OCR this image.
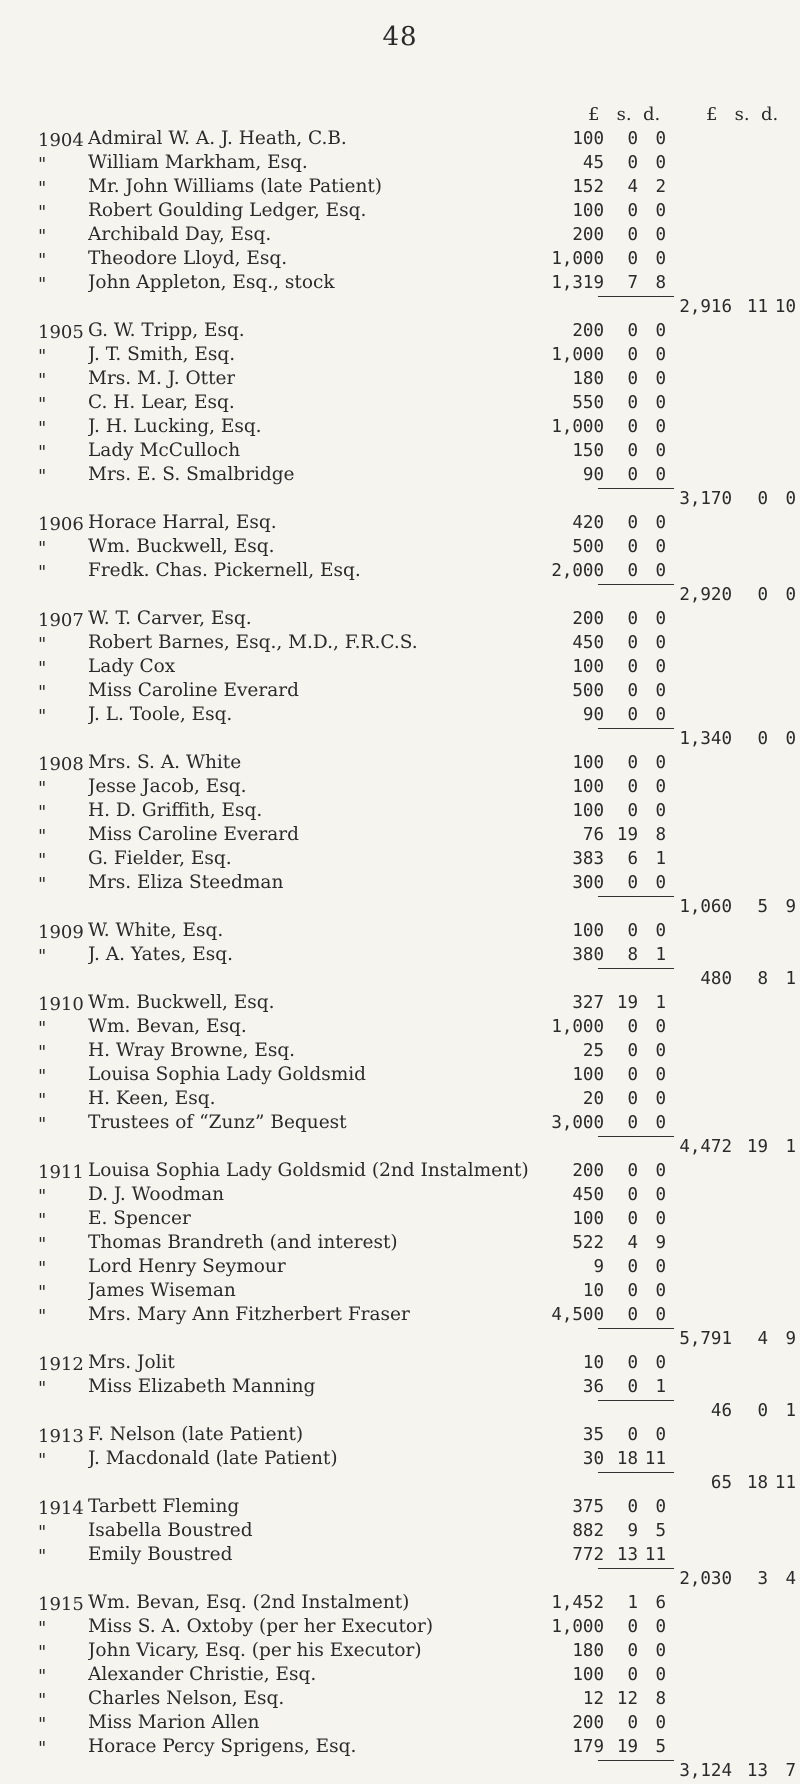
48
£   s.  d.	£   s.  d.
1904 Admiral W. A. J. Heath, C.B.	100	0 0
"	William Markham, Esq.	45	0 0
"	Mr. John Williams (late Patient)	152	4 2
"	Robert Goulding Ledger, Esq.	100	0 0
"	Archibald Day, Esq.	200	0 0
"	Theodore Lloyd, Esq.	1,000	0 0
"	John Appleton, Esq., stock	1,319	7 8
2,916 11 10
1905 G. W. Tripp, Esq.	200	0 0
"	J. T. Smith, Esq.	1,000	0 0
"	Mrs. M. J. Otter	180	0 0
"	C. H. Lear, Esq.	550	0 0
"	J. H. Lucking, Esq.	1,000	0 0
"	Lady McCulloch	150	0 0
"	Mrs. E. S. Smalbridge	90	0 0
3,170	0 0
1906 Horace Harral, Esq.	420	0 0
"	Wm. Buckwell, Esq.	500	0 0
"	Fredk. Chas. Pickernell, Esq.	2,000	0 0
2,920	0 0
1907 W. T. Carver, Esq.	200	0 0
"	Robert Barnes, Esq., M.D., F.R.C.S.	450	0 0
"	Lady Cox	100	0 0
"	Miss Caroline Everard	500	0 0
"	J. L. Toole, Esq.	90	0 0
1,340	0 0
1908 Mrs. S. A. White	100	0 0
"	Jesse Jacob, Esq.	100	0 0
"	H. D. Griffith, Esq.	100	0 0
"	Miss Caroline Everard	76 19 8
"	G. Fielder, Esq.	383	6 1
"	Mrs. Eliza Steedman	300	0 0
1,060	5 9
1909 W. White, Esq.	100	0 0
"	J. A. Yates, Esq.	380	8 1
480	8 1
1910 Wm. Buckwell, Esq.	327 19 1
"	Wm. Bevan, Esq.	1,000	0 0
"	H. Wray Browne, Esq.	25	0 0
"	Louisa Sophia Lady Goldsmid	100	0 0
"	H. Keen, Esq.	20	0 0
"	Trustees of “Zunz” Bequest	3,000	0 0
4,472 19 1
1911 Louisa Sophia Lady Goldsmid (2nd Instalment)	200	0 0
"	D. J. Woodman	450	0 0
"	E. Spencer	100	0 0
"	Thomas Brandreth (and interest)	522	4 9
"	Lord Henry Seymour	9	0 0
"	James Wiseman	10	0 0
"	Mrs. Mary Ann Fitzherbert Fraser	4,500	0 0
5,791	4 9
1912 Mrs. Jolit	10	0 0
"	Miss Elizabeth Manning	36	0 1
46	0 1
1913 F. Nelson (late Patient)	35	0 0
"	J. Macdonald (late Patient)	30 18 11
65 18 11
1914 Tarbett Fleming	375	0 0
"	Isabella Boustred	882	9 5
"	Emily Boustred	772 13 11
2,030	3 4
1915 Wm. Bevan, Esq. (2nd Instalment)	1,452	1 6
"	Miss S. A. Oxtoby (per her Executor)	1,000	0 0
"	John Vicary, Esq. (per his Executor)	180	0 0
"	Alexander Christie, Esq.	100	0 0
"	Charles Nelson, Esq.	12 12 8
"	Miss Marion Allen	200	0 0
"	Horace Percy Sprigens, Esq.	179 19 5
3,124 13 7
